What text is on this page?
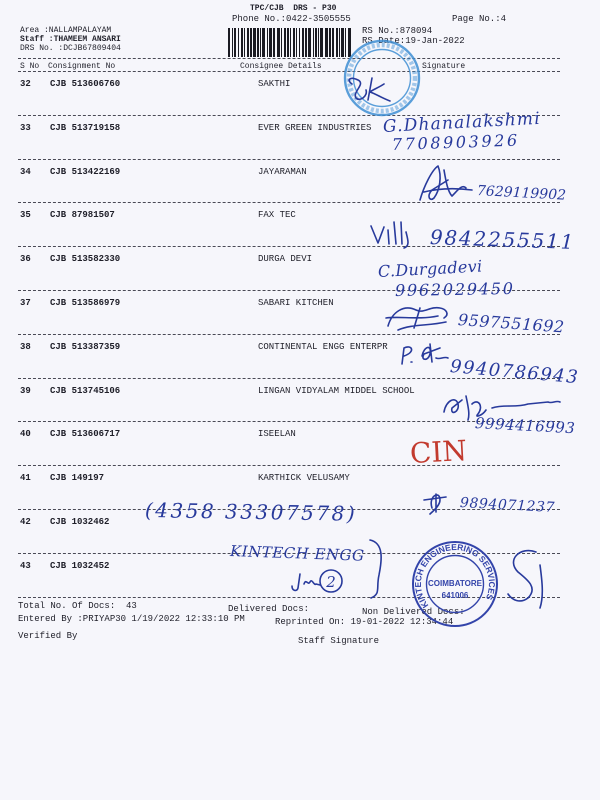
TPC/CJB  DRS - P30
Phone No.:0422-3505555	Page No.:4
Area :NALLAMPALAYAM
Staff :THAMEEM ANSARI
DRS No. :DCJB67809404
RS No.:878094
RS Date:19-Jan-2022
S No Consignment No	Consignee Details	Signature
32 CJB 513606760	SAKTHI
33 CJB 513719158	EVER GREEN INDUSTRIES
34 CJB 513422169	JAYARAMAN
35 CJB 87981507	FAX TEC
36 CJB 513582330	DURGA DEVI
37 CJB 513586979	SABARI KITCHEN
38 CJB 513387359	CONTINENTAL ENGG ENTERPR
39 CJB 513745106	LINGAN VIDYALAM MIDDEL SCHOOL
40 CJB 513606717	ISEELAN
41 CJB 149197	KARTHICK VELUSAMY
42 CJB 1032462
43 CJB 1032452
Total No. Of Docs:  43	Delivered Docs:	Non Delivered Docs:
Entered By :PRIYAP30 1/19/2022 12:33:10 PM	Reprinted On: 19-01-2022 12:34:44
Verified By	Staff Signature
2
KINTECH ENGINEERING SERVICES
COIMBATORE
641006
G.Dhanalakshmi
7708903926
7629119902
9842255511
C.Durgadevi
9962029450
9597551692
9940786943
9994416993
CIN
(4358 33307578)	9894071237
KINTECH ENGG
